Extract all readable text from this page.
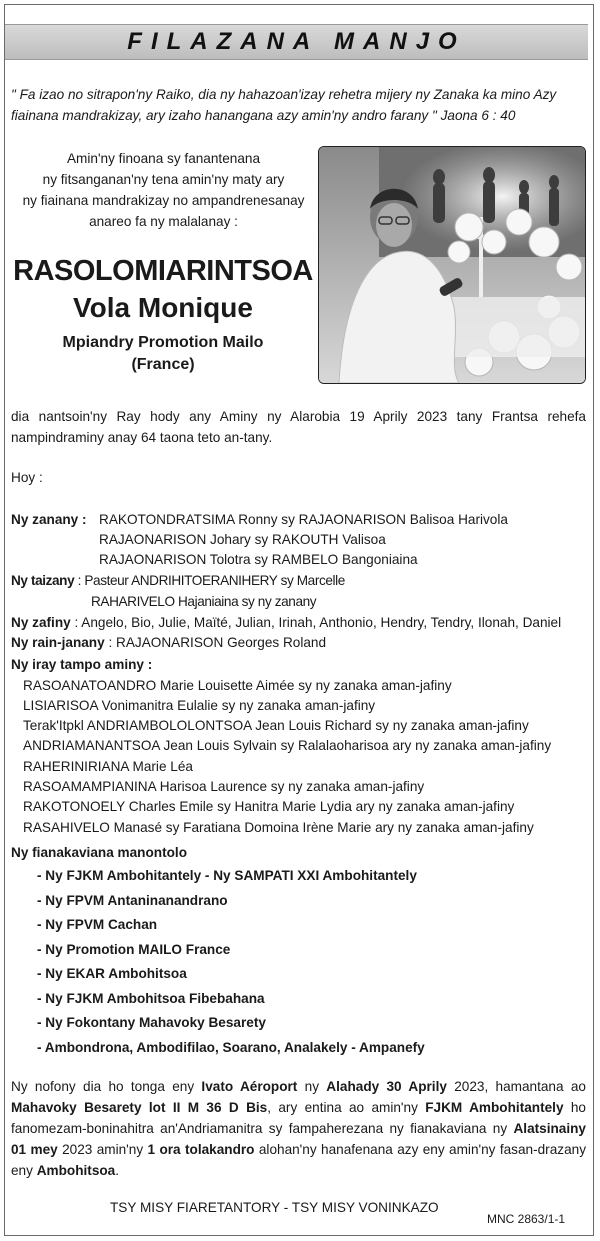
FILAZANA MANJO
" Fa izao no sitrapon'ny Raiko, dia ny hahazoan'izay rehetra mijery ny Zanaka ka mino Azy fiainana mandrakizay, ary izaho hanangana azy amin'ny andro farany " Jaona 6 : 40
Amin'ny finoana sy fanantenana
ny fitsanganan'ny tena amin'ny maty ary
ny fiainana mandrakizay no ampandrenesanay
anareo fa ny malalanay :
RASOLOMIARINTSOA
Vola Monique
Mpiandry Promotion Mailo
(France)
dia nantsoin'ny Ray hody any Aminy ny Alarobia 19 Aprily 2023 tany Frantsa rehefa nampindraminy anay 64 taona teto an-tany.
Hoy :
Ny zanany : RAKOTONDRATSIMA Ronny sy RAJAONARISON Balisoa Harivola
RAJAONARISON Johary sy RAKOUTH Valisoa
RAJAONARISON Tolotra sy RAMBELO Bangoniaina
Ny taizany : Pasteur ANDRIHITOERANIHERY sy Marcelle
RAHARIVELO Hajaniaina sy ny zanany
Ny zafiny : Angelo, Bio, Julie, Maïté, Julian, Irinah, Anthonio, Hendry, Tendry, Ilonah, Daniel
Ny rain-janany : RAJAONARISON Georges Roland
Ny iray tampo aminy :
RASOANATOANDRO Marie Louisette Aimée sy ny zanaka aman-jafiny
LISIARISOA Vonimanitra Eulalie sy ny zanaka aman-jafiny
Terak'Itpkl ANDRIAMBOLOLONTSOA Jean Louis Richard sy ny zanaka aman-jafiny
ANDRIAMANANTSOA Jean Louis Sylvain sy Ralalaoharisoa ary ny zanaka aman-jafiny
RAHERINIRIANA Marie Léa
RASOAMAMPIANINA Harisoa Laurence sy ny zanaka aman-jafiny
RAKOTONOELY Charles Emile sy Hanitra Marie Lydia ary ny zanaka aman-jafiny
RASAHIVELO Manasé sy Faratiana Domoina Irène Marie ary ny zanaka aman-jafiny
Ny fianakaviana manontolo
- Ny FJKM Ambohitantely - Ny SAMPATI XXI Ambohitantely
- Ny FPVM Antaninanandrano
- Ny FPVM Cachan
- Ny Promotion MAILO France
- Ny EKAR Ambohitsoa
- Ny FJKM Ambohitsoa Fibebahana
- Ny Fokontany Mahavoky Besarety
- Ambondrona, Ambodifilao, Soarano, Analakely - Ampanefy
Ny nofony dia ho tonga eny Ivato Aéroport ny Alahady 30 Aprily 2023, hamantana ao Mahavoky Besarety lot II M 36 D Bis, ary entina ao amin'ny FJKM Ambohitantely ho fanomezam-boninahitra an'Andriamanitra sy fampaherezana ny fianakaviana ny Alatsinainy 01 mey 2023 amin'ny 1 ora tolakandro alohan'ny hanafenana azy eny amin'ny fasan-drazany eny Ambohitsoa.
TSY MISY FIARETANTORY - TSY MISY VONINKAZO
MNC 2863/1-1
